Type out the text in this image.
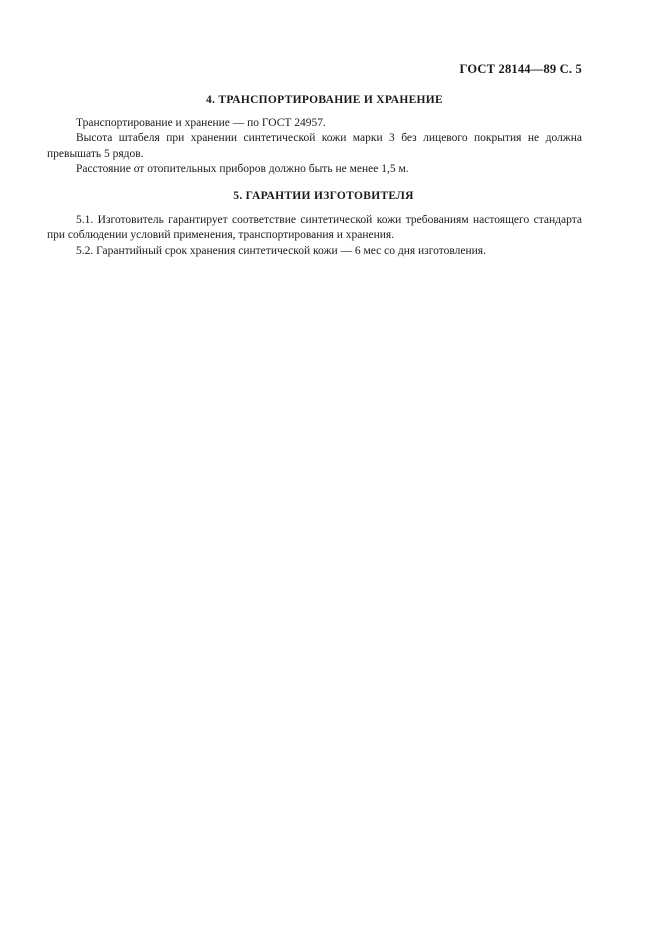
ГОСТ 28144—89 С. 5
4. ТРАНСПОРТИРОВАНИЕ И ХРАНЕНИЕ

Транспортирование и хранение — по ГОСТ 24957.

Высота штабеля при хранении синтетической кожи марки 3 без лицевого покрытия не должна превышать 5 рядов.

Расстояние от отопительных приборов должно быть не менее 1,5 м.

5. ГАРАНТИИ ИЗГОТОВИТЕЛЯ

5.1. Изготовитель гарантирует соответствие синтетической кожи требованиям настоящего стандарта при соблюдении условий применения, транспортирования и хранения.

5.2. Гарантийный срок хранения синтетической кожи — 6 мес со дня изготовления.
